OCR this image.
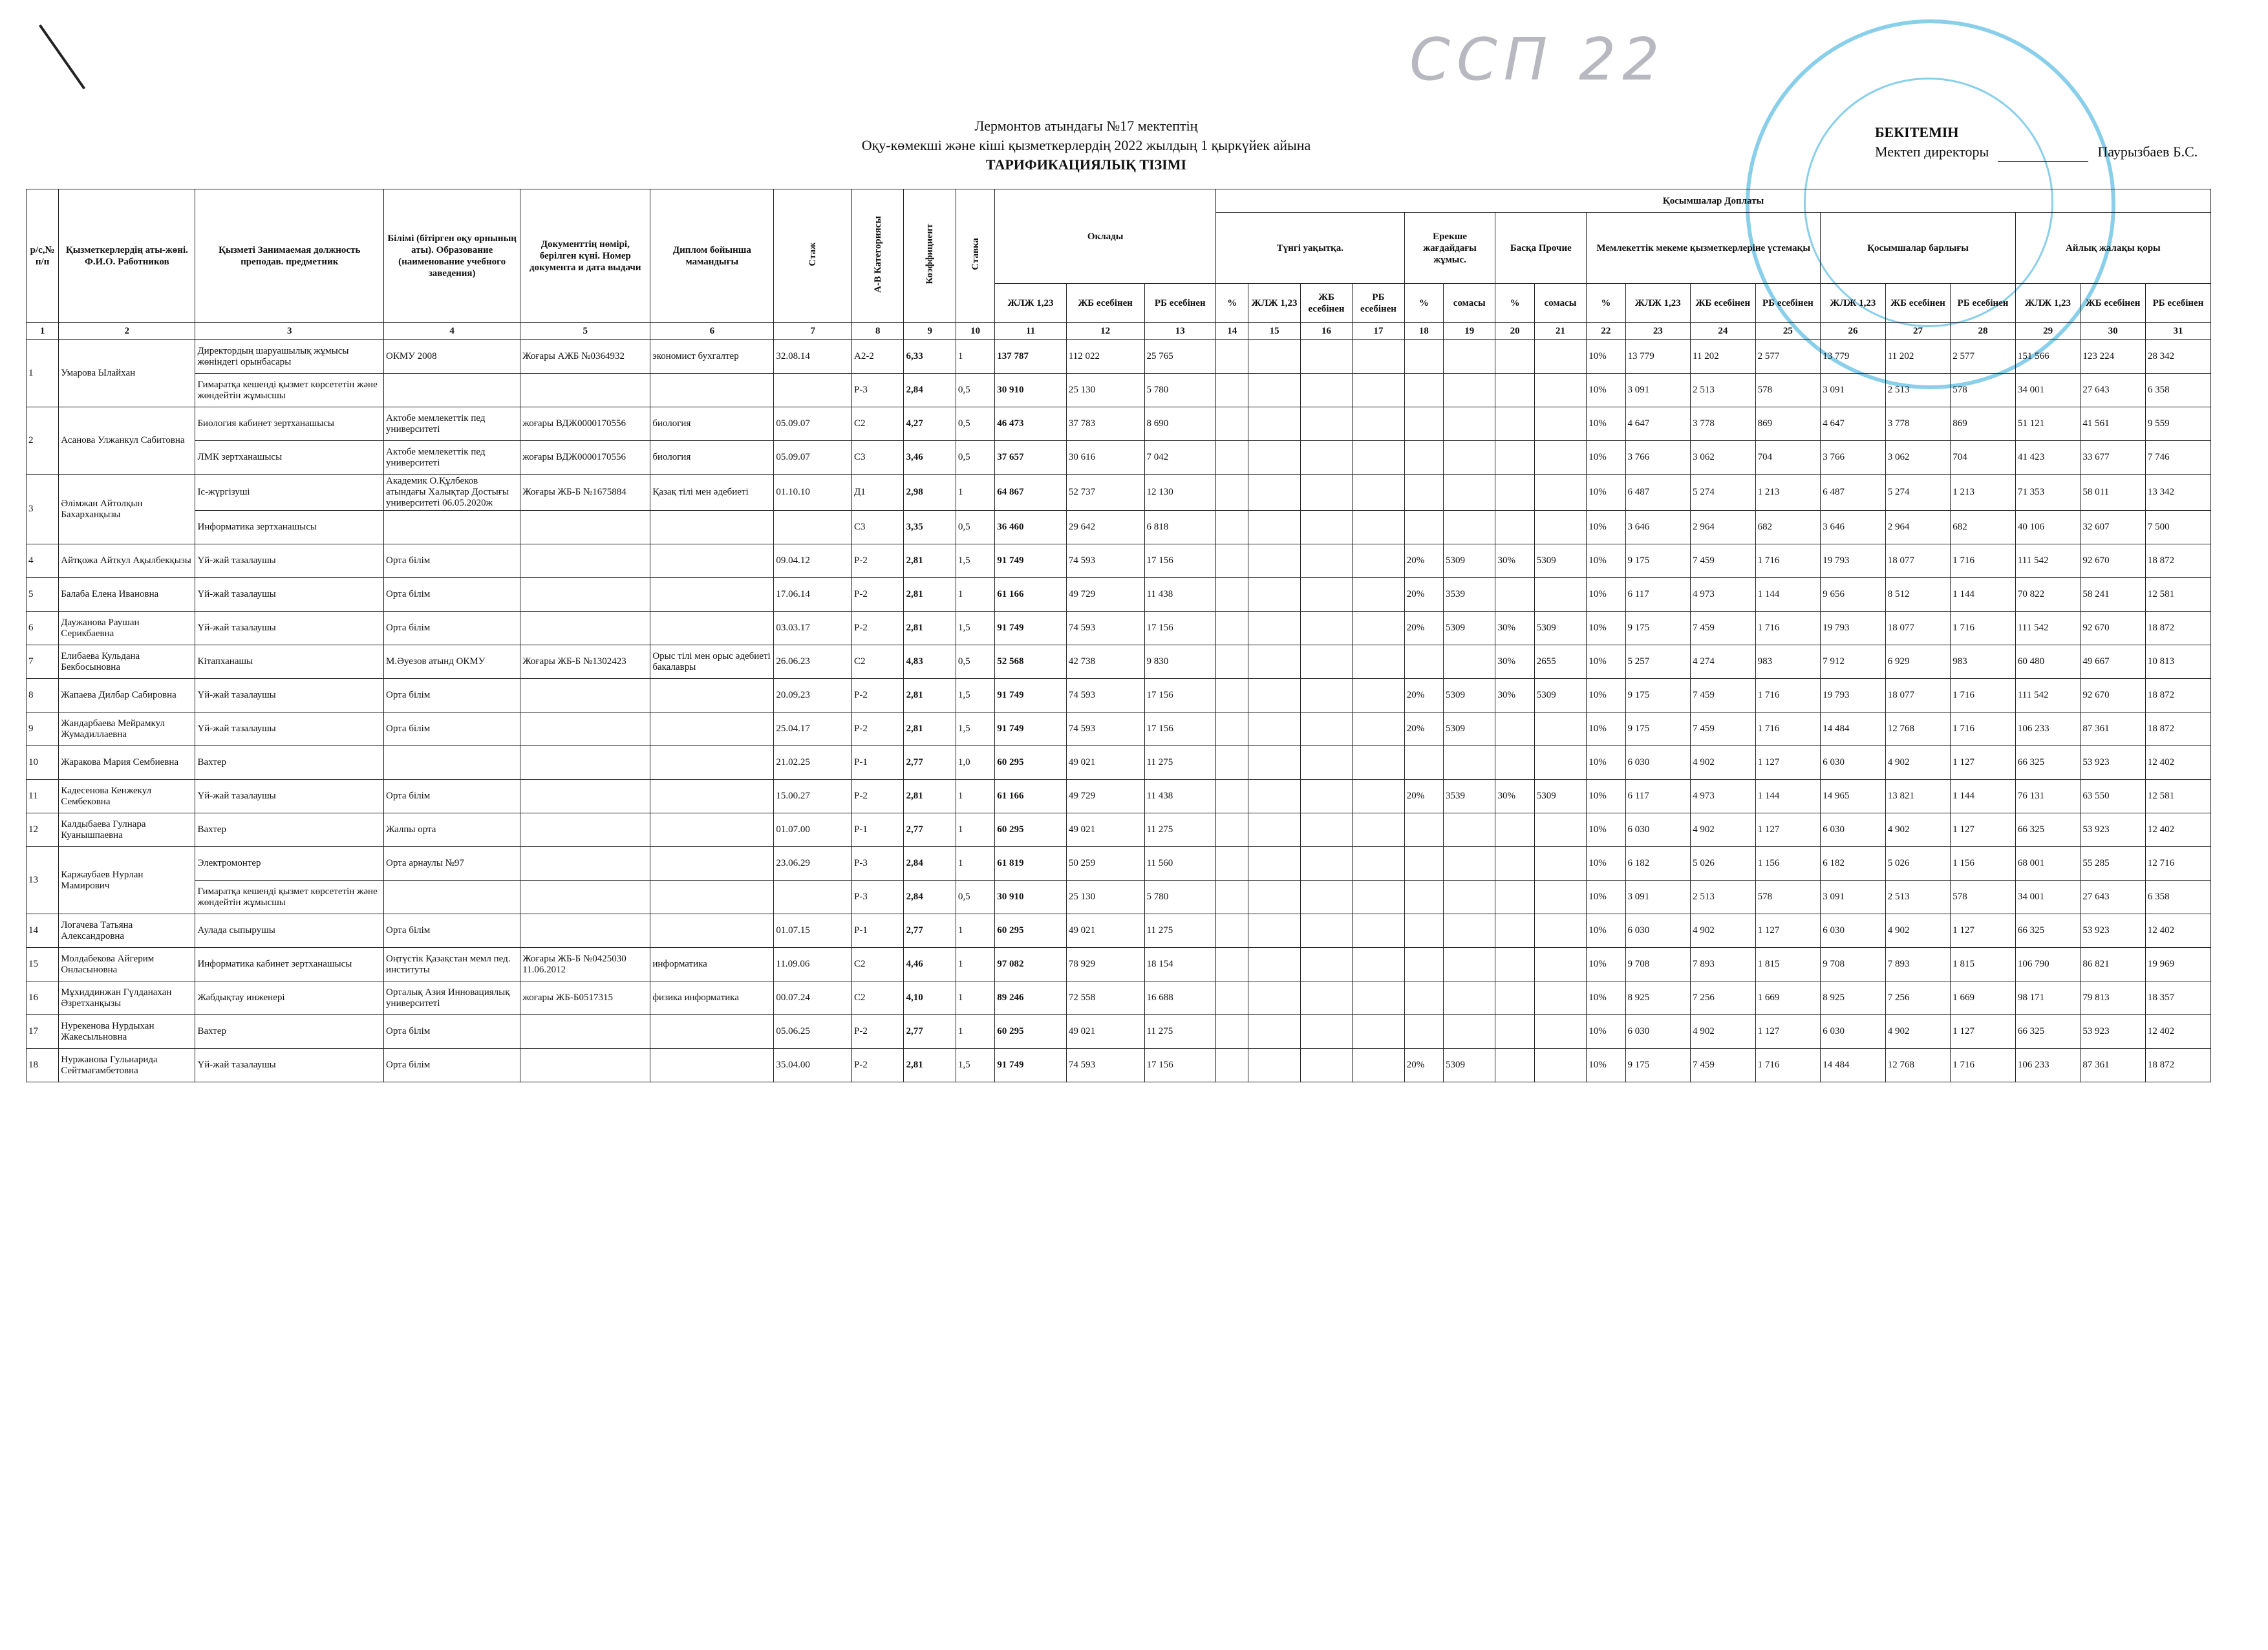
ССП 22
Лермонтов атындағы №17 мектептің
Оқу-көмекші және кіші қызметкерлердің 2022 жылдың 1 қыркүйек айына
ТАРИФИКАЦИЯЛЫҚ ТІЗІМІ
БЕКІТЕМІН
Мектеп директоры	Паурызбаев Б.С.
р/с,№ п/п	Қызметкерлердің аты-жөні. Ф.И.О. Работников	Қызметі Занимаемая должность преподав. предметник	Білімі (бітірген оқу орнының аты). Образование (наименование учебного заведения)	Документтің нөмірі, берілген күні. Номер документа и дата выдачи	Диплом бойынша мамандығы	Стаж	А-В Категориясы	Коэффициент	Ставка	Оклады			Қосымшалар Доплаты																	
													Түнгі уақытқа.				Ерекше жағдайдағы жұмыс.		Басқа Прочие		Мемлекеттік мекеме қызметкерлеріне үстемақы				Қосымшалар барлығы			Айлық жалақы қоры		
										ЖЛЖ 1,23	ЖБ есебінен	РБ есебінен	%	ЖЛЖ 1,23	ЖБ есебінен	РБ есебінен	%	сомасы	%	сомасы	%	ЖЛЖ 1,23	ЖБ есебінен	РБ есебінен	ЖЛЖ 1,23	ЖБ есебінен	РБ есебінен	ЖЛЖ 1,23	ЖБ есебінен	РБ есебінен
1	2	3	4	5	6	7	8	9	10	11	12	13	14	15	16	17	18	19	20	21	22	23	24	25	26	27	28	29	30	31
1	Умарова Ылайхан	Директордың шаруашылық жұмысы жөніндегі орынбасары	ОКМУ 2008	Жоғары АЖБ №0364932	экономист бухгалтер	32.08.14	А2-2	6,33	1	137 787	112 022	25 765									10%	13 779	11 202	2 577	13 779	11 202	2 577	151 566	123 224	28 342
		Гимаратқа кешенді қызмет көрсететін және жөндейтін жұмысшы					Р-3	2,84	0,5	30 910	25 130	5 780									10%	3 091	2 513	578	3 091	2 513	578	34 001	27 643	6 358
2	Асанова Улжанкул Сабитовна	Биология кабинет зертханашысы	Актобе мемлекеттік пед университеті	жоғары ВДЖ0000170556	биология	05.09.07	С2	4,27	0,5	46 473	37 783	8 690									10%	4 647	3 778	869	4 647	3 778	869	51 121	41 561	9 559
		ЛМК зертханашысы	Актобе мемлекеттік пед университеті	жоғары ВДЖ0000170556	биология	05.09.07	С3	3,46	0,5	37 657	30 616	7 042									10%	3 766	3 062	704	3 766	3 062	704	41 423	33 677	7 746
3	Әлімжан Айтолқын Бахарханқызы	Іс-жүргізуші	Академик О.Құлбеков атындағы Халықтар Достығы университеті 06.05.2020ж	Жоғары ЖБ-Б №1675884	Қазақ тілі мен әдебиеті	01.10.10	Д1	2,98	1	64 867	52 737	12 130									10%	6 487	5 274	1 213	6 487	5 274	1 213	71 353	58 011	13 342
		Информатика зертханашысы					С3	3,35	0,5	36 460	29 642	6 818									10%	3 646	2 964	682	3 646	2 964	682	40 106	32 607	7 500
4	Айтқожа Айткул Ақылбекқызы	Үй-жай тазалаушы	Орта білім			09.04.12	Р-2	2,81	1,5	91 749	74 593	17 156					20%	5309	30%	5309	10%	9 175	7 459	1 716	19 793	18 077	1 716	111 542	92 670	18 872
5	Балаба Елена Ивановна	Үй-жай тазалаушы	Орта білім			17.06.14	Р-2	2,81	1	61 166	49 729	11 438					20%	3539			10%	6 117	4 973	1 144	9 656	8 512	1 144	70 822	58 241	12 581
6	Даужанова Раушан Серикбаевна	Үй-жай тазалаушы	Орта білім			03.03.17	Р-2	2,81	1,5	91 749	74 593	17 156					20%	5309	30%	5309	10%	9 175	7 459	1 716	19 793	18 077	1 716	111 542	92 670	18 872
7	Елибаева Кульдана Бекбосыновна	Кітапханашы	М.Әуезов атынд ОКМУ	Жоғары ЖБ-Б №1302423	Орыс тілі мен орыс әдебиеті бакалавры	26.06.23	С2	4,83	0,5	52 568	42 738	9 830							30%	2655	10%	5 257	4 274	983	7 912	6 929	983	60 480	49 667	10 813
8	Жапаева Дилбар Сабировна	Үй-жай тазалаушы	Орта білім			20.09.23	Р-2	2,81	1,5	91 749	74 593	17 156					20%	5309	30%	5309	10%	9 175	7 459	1 716	19 793	18 077	1 716	111 542	92 670	18 872
9	Жандарбаева Мейрамкул Жумадиллаевна	Үй-жай тазалаушы	Орта білім			25.04.17	Р-2	2,81	1,5	91 749	74 593	17 156					20%	5309			10%	9 175	7 459	1 716	14 484	12 768	1 716	106 233	87 361	18 872
10	Жаракова Мария Сембиевна	Вахтер				21.02.25	Р-1	2,77	1,0	60 295	49 021	11 275									10%	6 030	4 902	1 127	6 030	4 902	1 127	66 325	53 923	12 402
11	Кадесенова Кенжекул Сембековна	Үй-жай тазалаушы	Орта білім			15.00.27	Р-2	2,81	1	61 166	49 729	11 438					20%	3539	30%	5309	10%	6 117	4 973	1 144	14 965	13 821	1 144	76 131	63 550	12 581
12	Калдыбаева Гулнара Куанышпаевна	Вахтер	Жалпы орта			01.07.00	Р-1	2,77	1	60 295	49 021	11 275									10%	6 030	4 902	1 127	6 030	4 902	1 127	66 325	53 923	12 402
13	Каржаубаев Нурлан Мамирович	Электромонтер	Орта арнаулы №97			23.06.29	Р-3	2,84	1	61 819	50 259	11 560									10%	6 182	5 026	1 156	6 182	5 026	1 156	68 001	55 285	12 716
		Гимаратқа кешенді қызмет көрсететін және жөндейтін жұмысшы					Р-3	2,84	0,5	30 910	25 130	5 780									10%	3 091	2 513	578	3 091	2 513	578	34 001	27 643	6 358
14	Логачева Татьяна Александровна	Аулада сыпырушы	Орта білім			01.07.15	Р-1	2,77	1	60 295	49 021	11 275									10%	6 030	4 902	1 127	6 030	4 902	1 127	66 325	53 923	12 402
15	Молдабекова Айгерим Онласыновна	Информатика кабинет зертханашысы	Оңтүстік Қазақстан мемл пед. институты	Жоғары ЖБ-Б №0425030 11.06.2012	информатика	11.09.06	С2	4,46	1	97 082	78 929	18 154									10%	9 708	7 893	1 815	9 708	7 893	1 815	106 790	86 821	19 969
16	Мұхиддинжан Гүлданахан Әзретханқызы	Жабдықтау инженері	Орталық Азия Инновациялық университеті	жоғары ЖБ-Б0517315	физика информатика	00.07.24	С2	4,10	1	89 246	72 558	16 688									10%	8 925	7 256	1 669	8 925	7 256	1 669	98 171	79 813	18 357
17	Нурекенова Нурдыхан Жакесыльновна	Вахтер	Орта білім			05.06.25	Р-2	2,77	1	60 295	49 021	11 275									10%	6 030	4 902	1 127	6 030	4 902	1 127	66 325	53 923	12 402
18	Нуржанова Гульнарида Сейтмағамбетовна	Үй-жай тазалаушы	Орта білім			35.04.00	Р-2	2,81	1,5	91 749	74 593	17 156					20%	5309			10%	9 175	7 459	1 716	14 484	12 768	1 716	106 233	87 361	18 872
